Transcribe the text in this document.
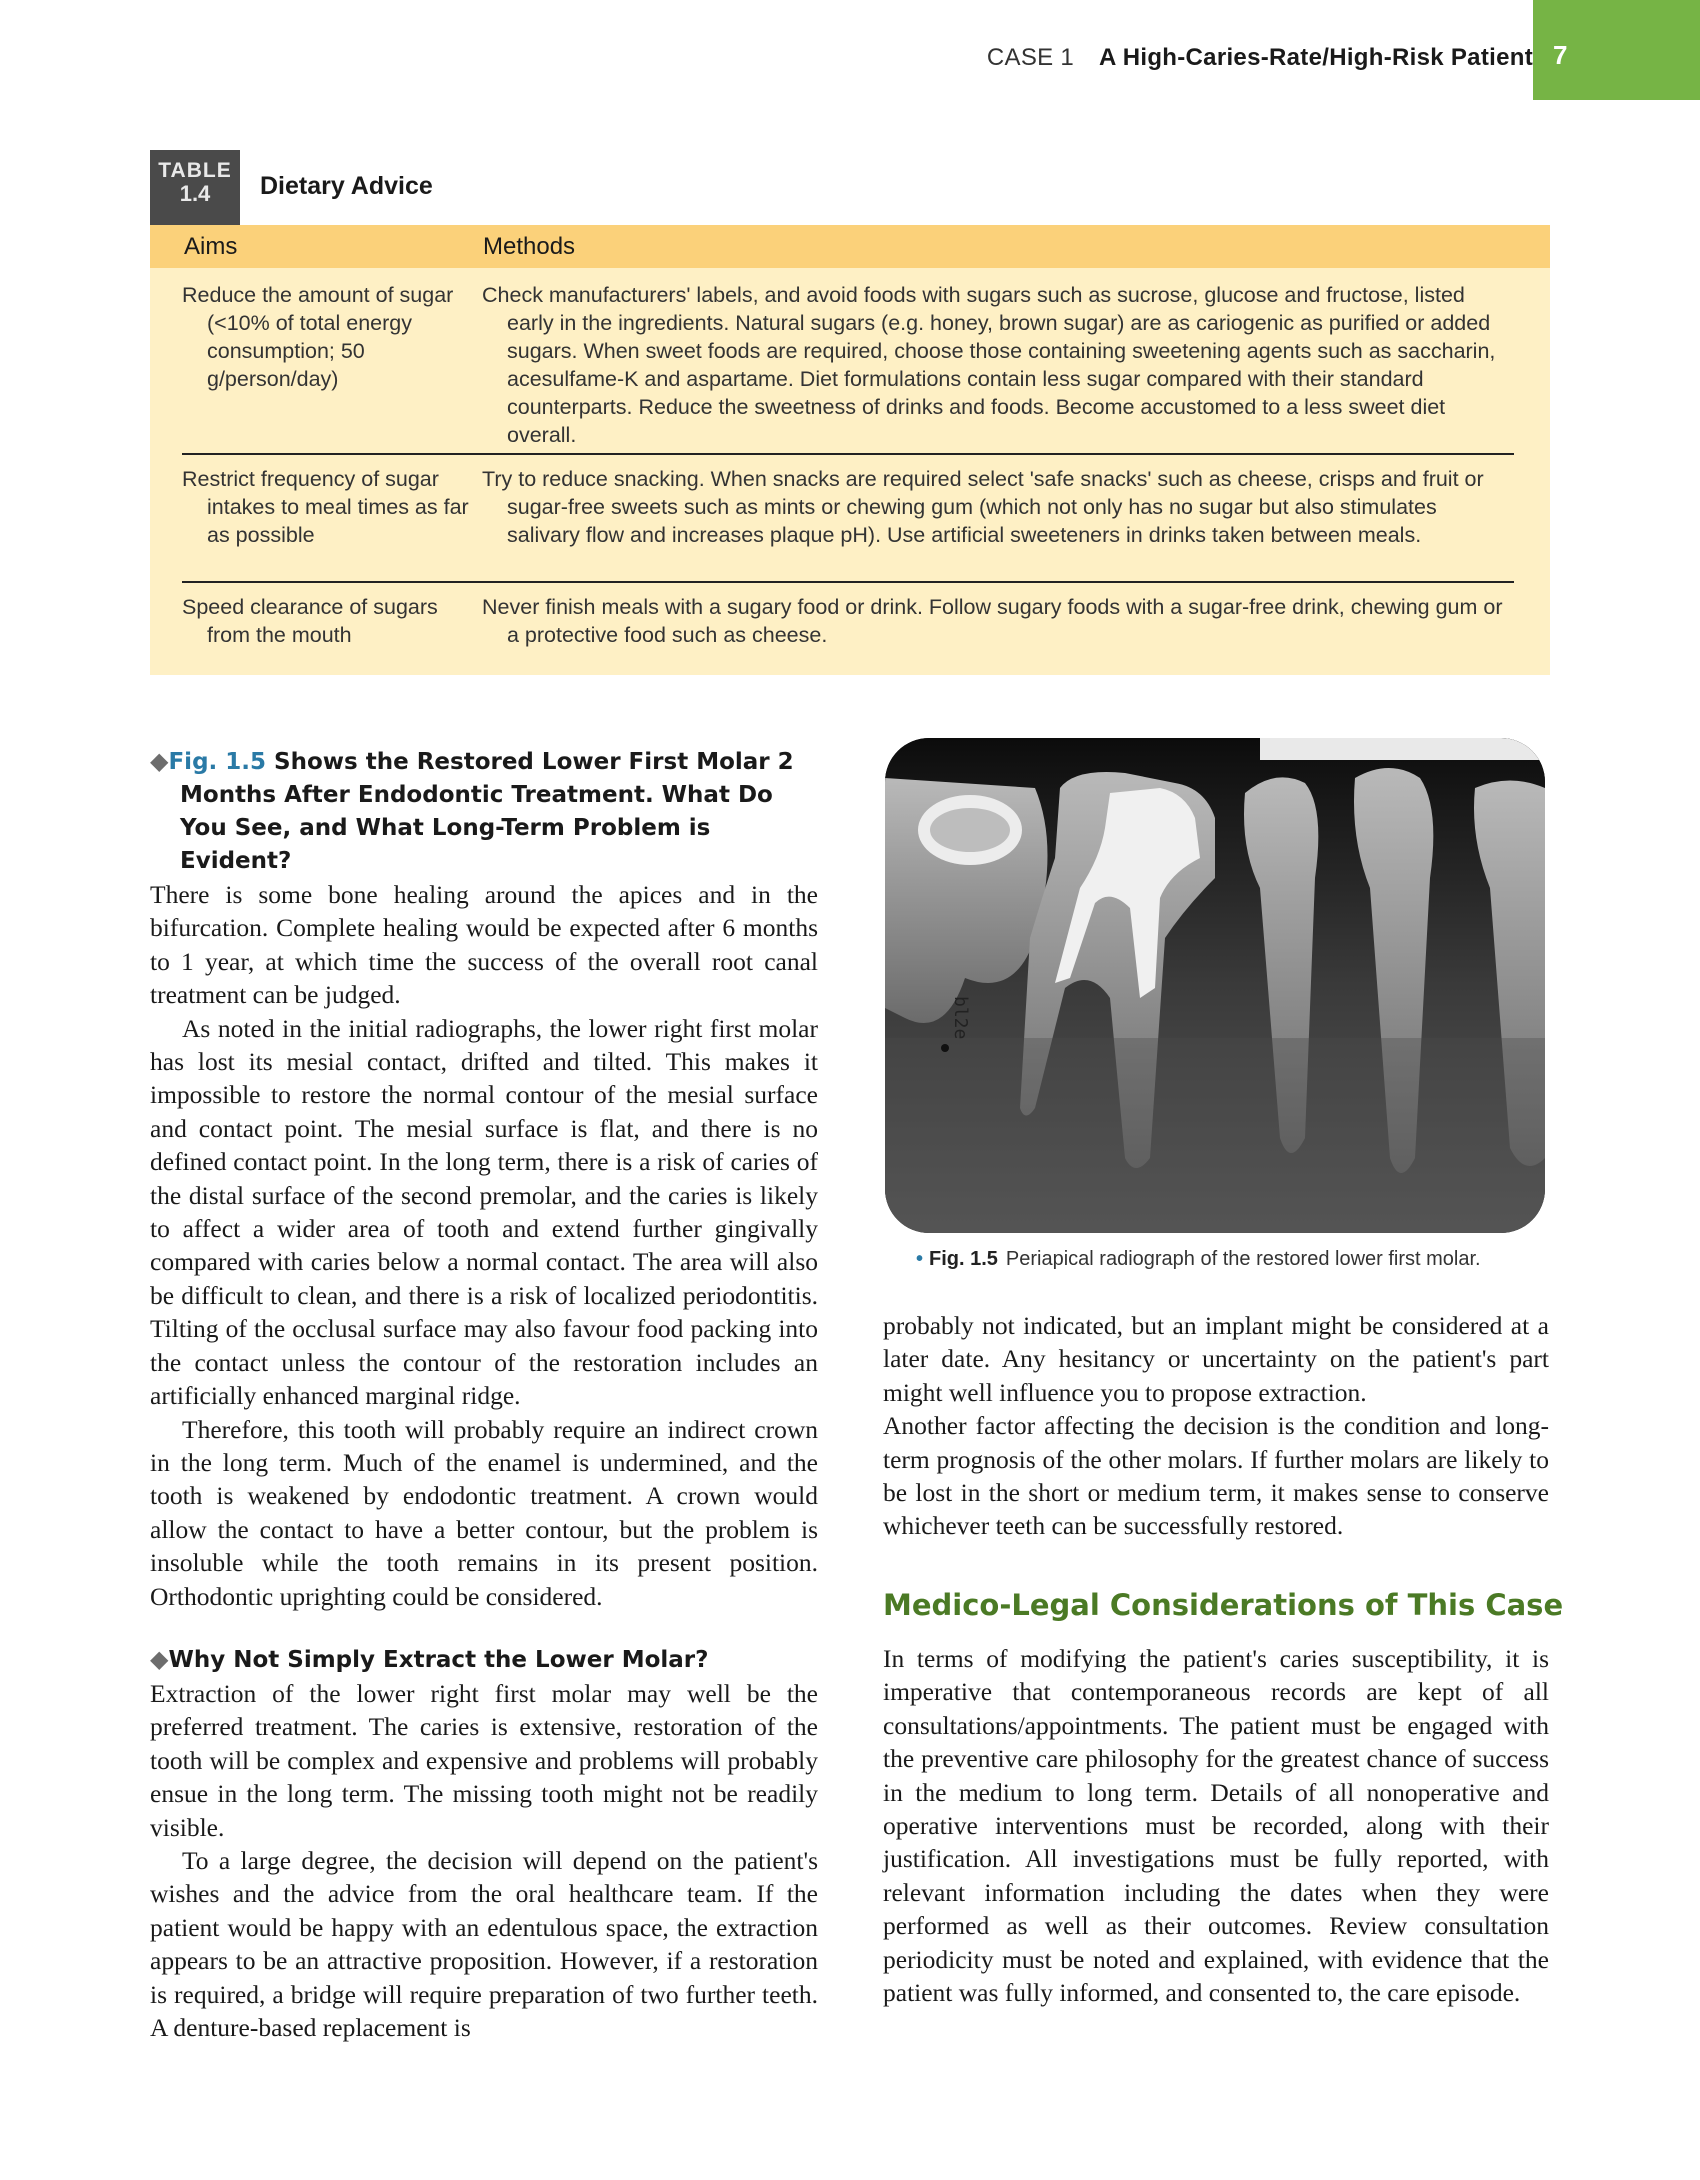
CASE 1 A High-Caries-Rate/High-Risk Patient 7
TABLE
1.4	Dietary Advice
Aims	Methods
Reduce the amount of sugar (<10% of total energy consumption; 50 g/person/day)
Check manufacturers' labels, and avoid foods with sugars such as sucrose, glucose and fructose, listed early in the ingredients. Natural sugars (e.g. honey, brown sugar) are as cariogenic as purified or added sugars. When sweet foods are required, choose those containing sweetening agents such as saccharin, acesulfame-K and aspartame. Diet formulations contain less sugar compared with their standard counterparts. Reduce the sweetness of drinks and foods. Become accustomed to a less sweet diet overall.
Restrict frequency of sugar intakes to meal times as far as possible
Try to reduce snacking. When snacks are required select 'safe snacks' such as cheese, crisps and fruit or sugar-free sweets such as mints or chewing gum (which not only has no sugar but also stimulates salivary flow and increases plaque pH). Use artificial sweeteners in drinks taken between meals.
Speed clearance of sugars from the mouth
Never finish meals with a sugary food or drink. Follow sugary foods with a sugar-free drink, chewing gum or a protective food such as cheese.

◆Fig. 1.5 Shows the Restored Lower First Molar 2 Months After Endodontic Treatment. What Do You See, and What Long-Term Problem is Evident?

There is some bone healing around the apices and in the bifurcation. Complete healing would be expected after 6 months to 1 year, at which time the success of the overall root canal treatment can be judged.

As noted in the initial radiographs, the lower right first molar has lost its mesial contact, drifted and tilted. This makes it impossible to restore the normal contour of the mesial surface and contact point. The mesial surface is flat, and there is no defined contact point. In the long term, there is a risk of caries of the distal surface of the second premolar, and the caries is likely to affect a wider area of tooth and extend further gingivally compared with caries below a normal contact. The area will also be difficult to clean, and there is a risk of localized periodontitis. Tilting of the occlusal surface may also favour food packing into the contact unless the contour of the restoration includes an artificially enhanced marginal ridge.

Therefore, this tooth will probably require an indirect crown in the long term. Much of the enamel is undermined, and the tooth is weakened by endodontic treatment. A crown would allow the contact to have a better contour, but the problem is insoluble while the tooth remains in its present position. Orthodontic uprighting could be considered.

◆Why Not Simply Extract the Lower Molar?

Extraction of the lower right first molar may well be the preferred treatment. The caries is extensive, restoration of the tooth will be complex and expensive and problems will probably ensue in the long term. The missing tooth might not be readily visible.

To a large degree, the decision will depend on the patient's wishes and the advice from the oral healthcare team. If the patient would be happy with an edentulous space, the extraction appears to be an attractive proposition. However, if a restoration is required, a bridge will require preparation of two further teeth. A denture-based replacement is

bl2e
• Fig. 1.5 Periapical radiograph of the restored lower first molar.

probably not indicated, but an implant might be considered at a later date. Any hesitancy or uncertainty on the patient's part might well influence you to propose extraction.

Another factor affecting the decision is the condition and long-term prognosis of the other molars. If further molars are likely to be lost in the short or medium term, it makes sense to conserve whichever teeth can be successfully restored.

Medico-Legal Considerations of This Case

In terms of modifying the patient's caries susceptibility, it is imperative that contemporaneous records are kept of all consultations/appointments. The patient must be engaged with the preventive care philosophy for the greatest chance of success in the medium to long term. Details of all nonoperative and operative interventions must be recorded, along with their justification. All investigations must be fully reported, with relevant information including the dates when they were performed as well as their outcomes. Review consultation periodicity must be noted and explained, with evidence that the patient was fully informed, and consented to, the care episode.
